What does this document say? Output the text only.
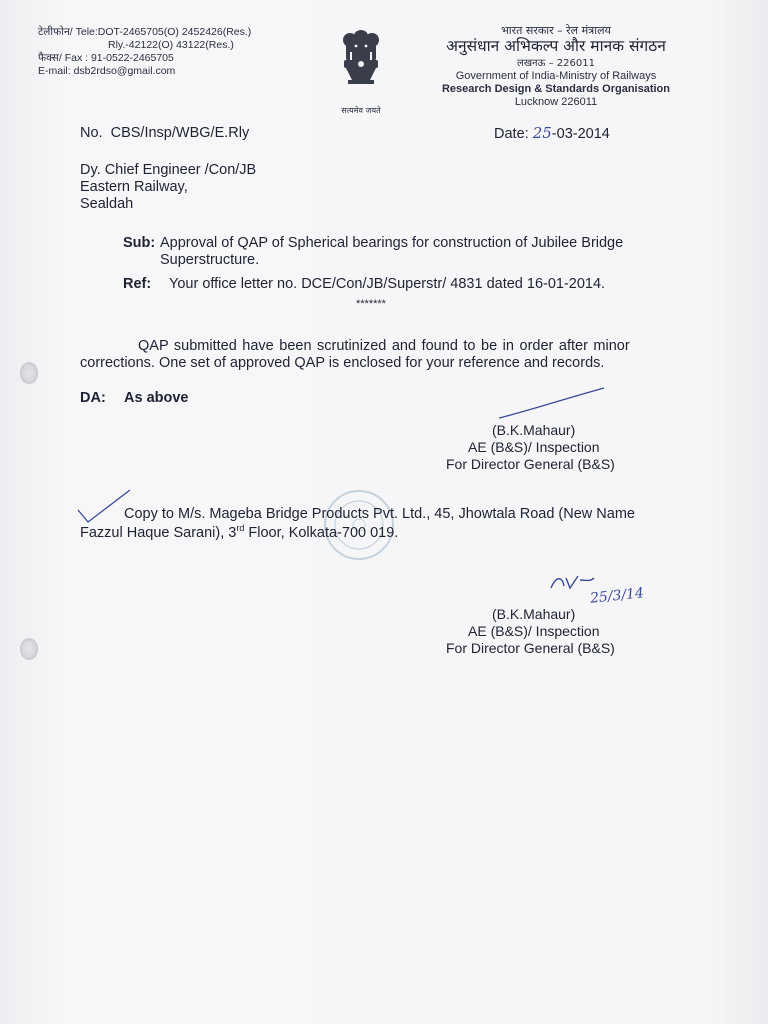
टेलीफोन/ Tele:DOT-2465705(O) 2452426(Res.)
Rly.-42122(O) 43122(Res.)
फैक्स/ Fax : 91-0522-2465705
E-mail: dsb2rdso@gmail.com
सत्यमेव जयते
भारत सरकार – रेल मंत्रालय
अनुसंधान अभिकल्प और मानक संगठन
लखनऊ – 226011
Government of India-Ministry of Railways
Research Design & Standards Organisation
Lucknow 226011
No.  CBS/Insp/WBG/E.Rly	Date: 25-03-2014
Dy. Chief Engineer /Con/JB
Eastern Railway,
Sealdah
Sub: Approval of QAP of Spherical bearings for construction of Jubilee Bridge
Superstructure.
Ref: Your office letter no. DCE/Con/JB/Superstr/ 4831 dated 16-01-2014.
*******
QAP submitted have been scrutinized and found to be in order after minor
corrections. One set of approved QAP is enclosed for your reference and records.
DA: As above
(B.K.Mahaur)
AE (B&S)/ Inspection
For Director General (B&S)
Copy to M/s. Mageba Bridge Products Pvt. Ltd., 45, Jhowtala Road (New Name
Fazzul Haque Sarani), 3rd Floor, Kolkata-700 019.
25/3/14
(B.K.Mahaur)
AE (B&S)/ Inspection
For Director General (B&S)
